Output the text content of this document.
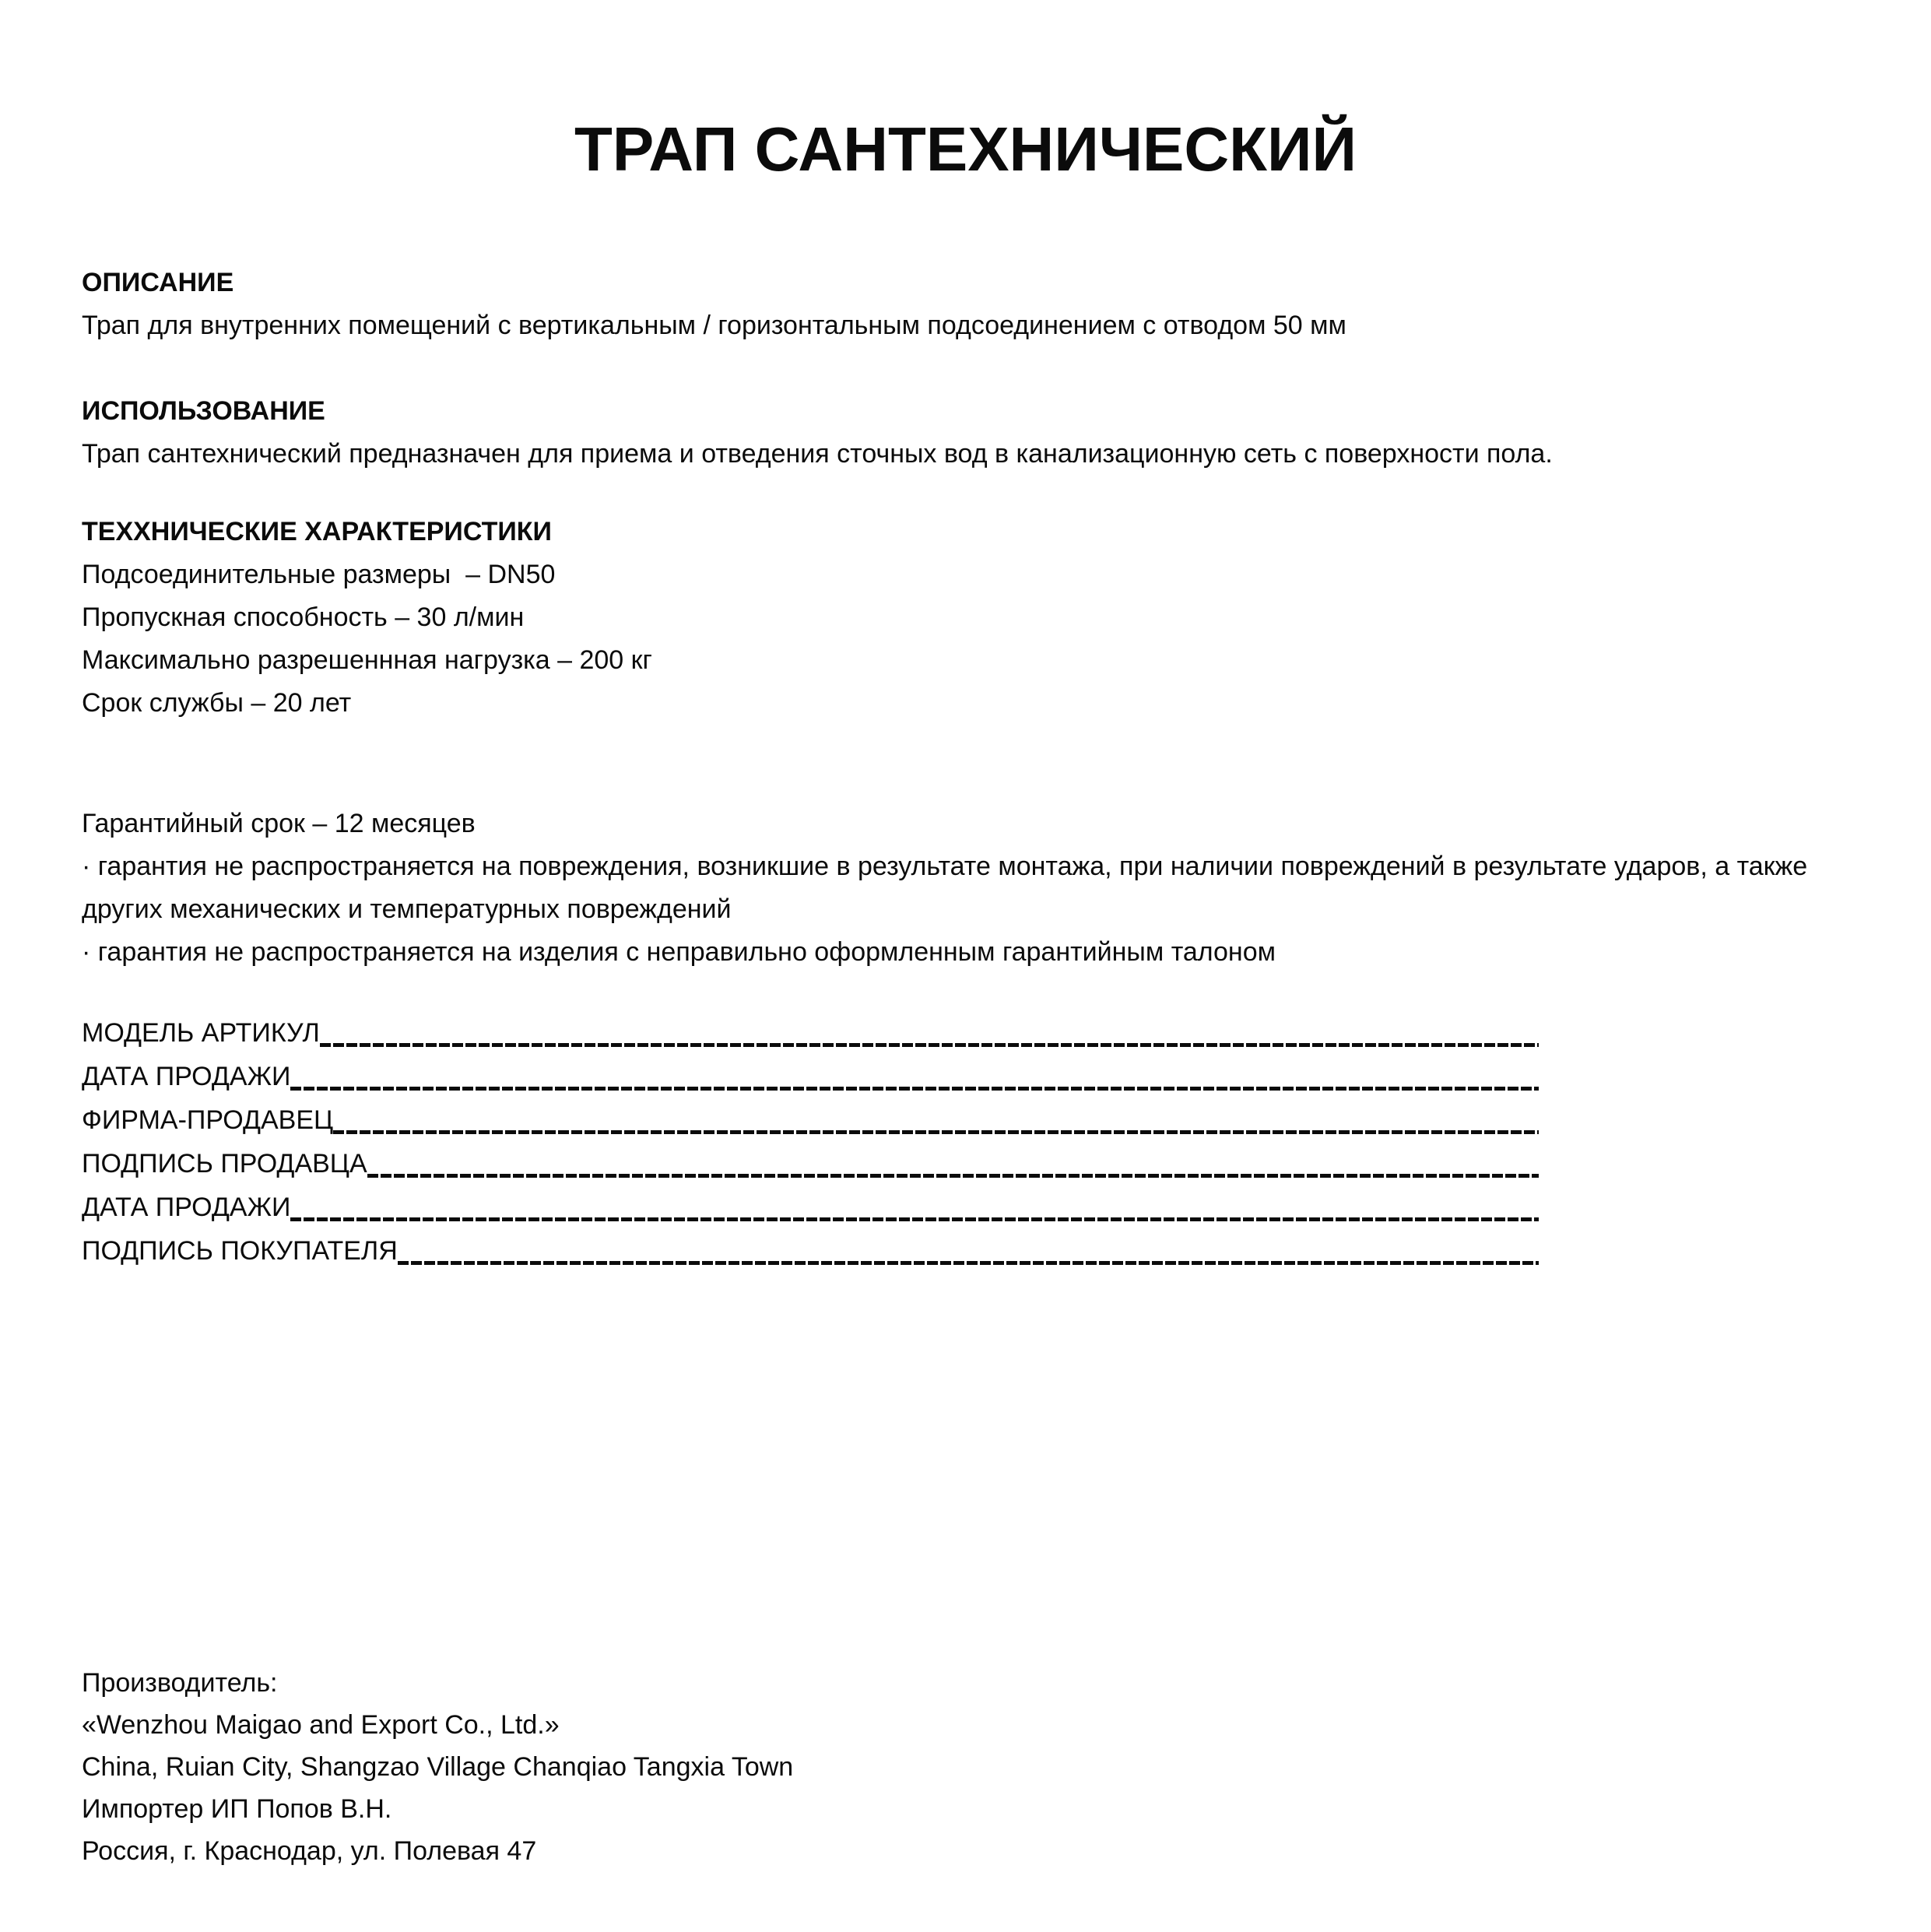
ТРАП САНТЕХНИЧЕСКИЙ
ОПИСАНИЕ
Трап для внутренних помещений с вертикальным / горизонтальным подсоединением с отводом 50 мм
ИСПОЛЬЗОВАНИЕ
Трап сантехнический предназначен для приема и отведения сточных вод в канализационную сеть с поверхности пола.
ТЕХХНИЧЕСКИЕ ХАРАКТЕРИСТИКИ
Подсоединительные размеры  – DN50
Пропускная способность – 30 л/мин
Максимально разрешеннная нагрузка – 200 кг
Срок службы – 20 лет
Гарантийный срок – 12 месяцев
· гарантия не распространяется на повреждения, возникшие в результате монтажа, при наличии повреждений в результате ударов, а также других механических и температурных повреждений
· гарантия не распространяется на изделия с неправильно оформленным гарантийным талоном
МОДЕЛЬ АРТИКУЛ
ДАТА ПРОДАЖИ
ФИРМА-ПРОДАВЕЦ
ПОДПИСЬ ПРОДАВЦА
ДАТА ПРОДАЖИ
ПОДПИСЬ ПОКУПАТЕЛЯ
Производитель:
«Wenzhou Maigao and Export Co., Ltd.»
China, Ruian City, Shangzao Village Chanqiao Tangxia Town
Импортер ИП Попов В.Н.
Россия, г. Краснодар, ул. Полевая 47
